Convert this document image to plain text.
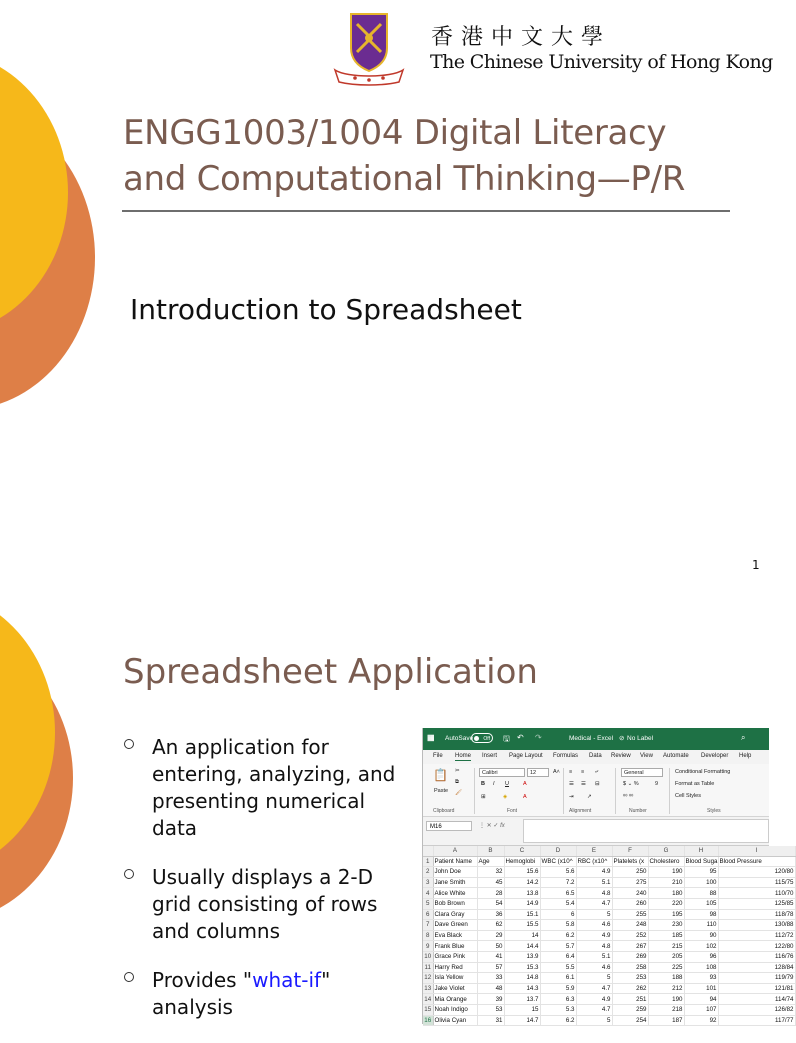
香港中文大學
The Chinese University of Hong Kong
ENGG1003/1004 Digital Literacy
and Computational Thinking—P/R
Introduction to Spreadsheet
1
Spreadsheet Application
An application for entering, analyzing, and presenting numerical data
Usually displays a 2-D grid consisting of rows and columns
Provides "what-if" analysis
▦ AutoSave	Off	🖫 ↶ ↷	Medical - Excel ⊘ No Label	⌕
File Home Insert Page Layout Formulas Data Review View Automate Developer Help
📋
Paste
✂
⧉
🖌
Calibri	12	A˄
B I U	A
⊞	◈	A
≡ ≡ ⤶
☰ ☰ ⊟
⇥ ↗
General
$ ⌄ %	9
⁰⁰ ⁰⁰
Conditional Formatting
Format as Table
Cell Styles
Clipboard	Font	Alignment	Number	Styles
M16	⋮ ✕ ✓ fx
	A	B	C	D	E	F	G	H	I
1	Patient Name	Age	Hemoglobi	WBC (x10^	RBC (x10^	Platelets (x	Cholestero	Blood Suga	Blood Pressure
2	John Doe	32	15.6	5.6	4.9	250	190	95	120/80
3	Jane Smith	45	14.2	7.2	5.1	275	210	100	115/75
4	Alice White	28	13.8	6.5	4.8	240	180	88	110/70
5	Bob Brown	54	14.9	5.4	4.7	260	220	105	125/85
6	Clara Gray	36	15.1	6	5	255	195	98	118/78
7	Dave Green	62	15.5	5.8	4.6	248	230	110	130/88
8	Eva Black	29	14	6.2	4.9	252	185	90	112/72
9	Frank Blue	50	14.4	5.7	4.8	267	215	102	122/80
10	Grace Pink	41	13.9	6.4	5.1	269	205	96	116/76
11	Harry Red	57	15.3	5.5	4.6	258	225	108	128/84
12	Isla Yellow	33	14.8	6.1	5	253	188	93	119/79
13	Jake Violet	48	14.3	5.9	4.7	262	212	101	121/81
14	Mia Orange	39	13.7	6.3	4.9	251	190	94	114/74
15	Noah Indigo	53	15	5.3	4.7	259	218	107	126/82
16	Olivia Cyan	31	14.7	6.2	5	254	187	92	117/77
